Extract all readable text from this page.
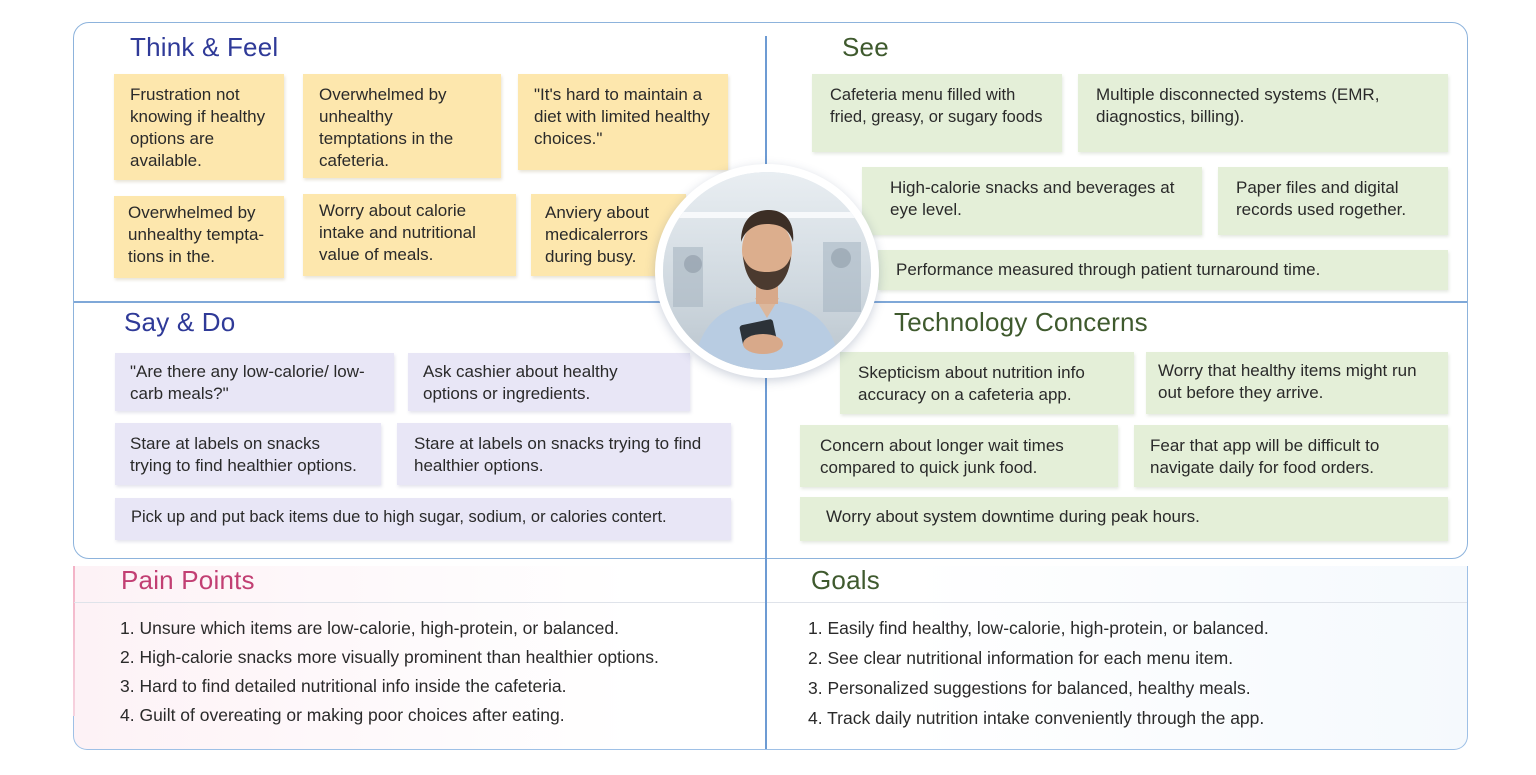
Think & Feel
Frustration not knowing if healthy options are available.
Overwhelmed by unhealthy temptations in the cafeteria.
"It's hard to maintain a diet with limited healthy choices."
Overwhelmed by unhealthy tempta-tions in the.
Worry about calorie intake and nutritional value of meals.
Anviery about medicalerrors during busy.
See
Cafeteria menu filled with fried, greasy, or sugary foods
Multiple disconnected systems (EMR, diagnostics, billing).
High-calorie snacks and beverages at eye level.
Paper files and digital records used rogether.
Performance measured through patient turnaround time.
Say & Do
"Are there any low-calorie/ low-carb meals?"
Ask cashier about healthy options or ingredients.
Stare at labels on snacks trying to find healthier options.
Stare at labels on snacks trying to find healthier options.
Pick up and put back items due to high sugar, sodium, or calories contert.
Technology Concerns
Skepticism about nutrition info accuracy on a cafeteria app.
Worry that healthy items might run out before they arrive.
Concern about longer wait times compared to quick junk food.
Fear that app will be difficult to navigate daily for food orders.
Worry about system downtime during peak hours.
Pain Points
1. Unsure which items are low-calorie, high-protein, or balanced.
2. High-calorie snacks more visually prominent than healthier options.
3. Hard to find detailed nutritional info inside the cafeteria.
4. Guilt of overeating or making poor choices after eating.
Goals
1. Easily find healthy, low-calorie, high-protein, or balanced.
2. See clear nutritional information for each menu item.
3. Personalized suggestions for balanced, healthy meals.
4. Track daily nutrition intake conveniently through the app.
